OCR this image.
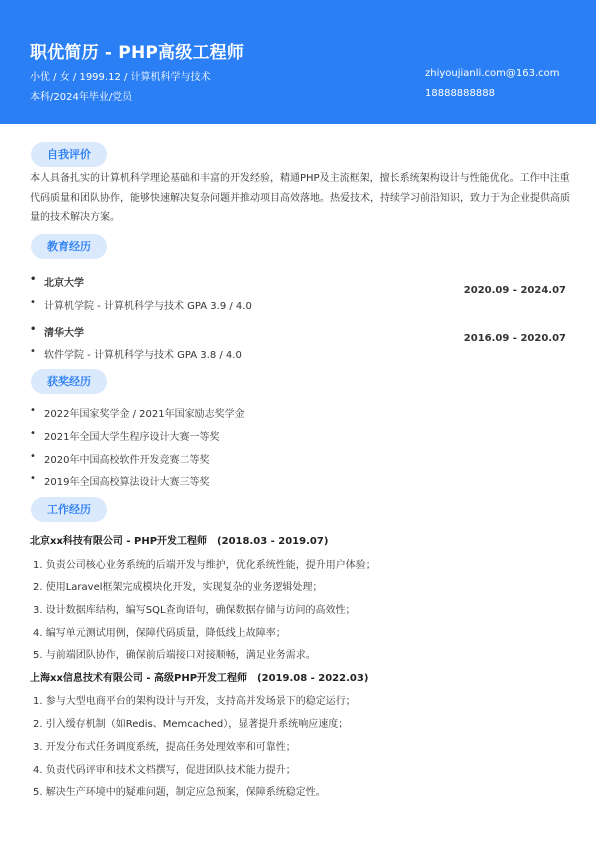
职优简历 - PHP高级工程师
小优 / 女 / 1999.12 / 计算机科学与技术
本科/2024年毕业/党员
zhiyoujianli.com@163.com
18888888888
自我评价
本人具备扎实的计算机科学理论基础和丰富的开发经验，精通PHP及主流框架，擅长系统架构设计与性能优化。工作中注重代码质量和团队协作，能够快速解决复杂问题并推动项目高效落地。热爱技术，持续学习前沿知识，致力于为企业提供高质量的技术解决方案。
教育经历
• 北京大学
• 计算机学院 - 计算机科学与技术 GPA 3.9 / 4.0
2020.09 - 2024.07
• 清华大学
• 软件学院 - 计算机科学与技术 GPA 3.8 / 4.0
2016.09 - 2020.07
获奖经历
• 2022年国家奖学金 / 2021年国家励志奖学金
• 2021年全国大学生程序设计大赛一等奖
• 2020年中国高校软件开发竞赛二等奖
• 2019年全国高校算法设计大赛三等奖
工作经历
北京xx科技有限公司 - PHP开发工程师　(2018.03 - 2019.07)
1. 负责公司核心业务系统的后端开发与维护，优化系统性能，提升用户体验；
2. 使用Laravel框架完成模块化开发，实现复杂的业务逻辑处理；
3. 设计数据库结构，编写SQL查询语句，确保数据存储与访问的高效性；
4. 编写单元测试用例，保障代码质量，降低线上故障率；
5. 与前端团队协作，确保前后端接口对接顺畅，满足业务需求。
上海xx信息技术有限公司 - 高级PHP开发工程师　(2019.08 - 2022.03)
1. 参与大型电商平台的架构设计与开发，支持高并发场景下的稳定运行；
2. 引入缓存机制（如Redis、Memcached），显著提升系统响应速度；
3. 开发分布式任务调度系统，提高任务处理效率和可靠性；
4. 负责代码评审和技术文档撰写，促进团队技术能力提升；
5. 解决生产环境中的疑难问题，制定应急预案，保障系统稳定性。
